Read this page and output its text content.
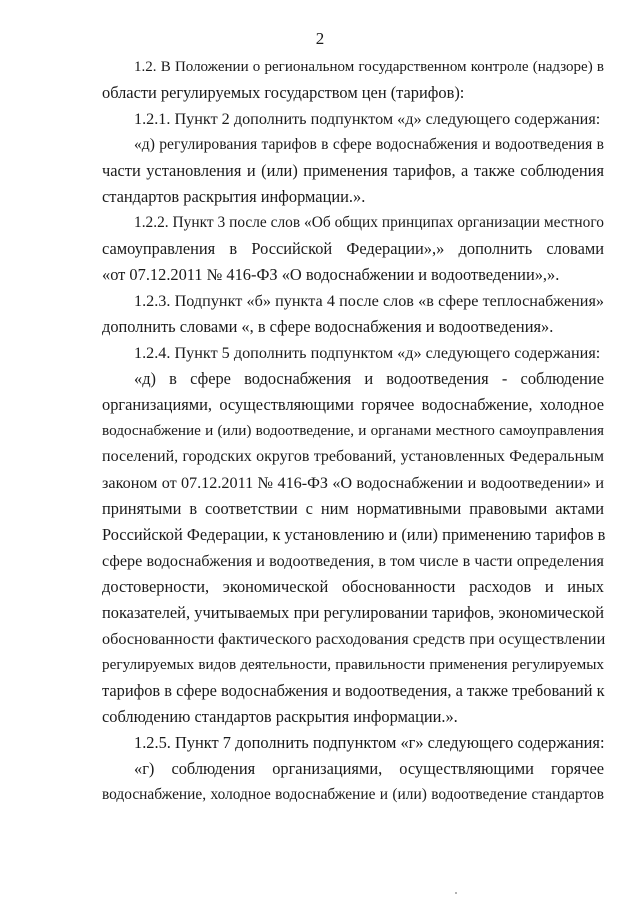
2
1.2. В Положении о региональном государственном контроле (надзоре) в
области регулируемых государством цен (тарифов):
1.2.1. Пункт 2 дополнить подпунктом «д» следующего содержания:
«д) регулирования тарифов в сфере водоснабжения и водоотведения в
части установления и (или) применения тарифов, а также соблюдения
стандартов раскрытия информации.».
1.2.2. Пункт 3 после слов «Об общих принципах организации местного
самоуправления в Российской Федерации»,» дополнить словами
«от 07.12.2011 № 416-ФЗ «О водоснабжении и водоотведении»,».
1.2.3. Подпункт «б» пункта 4 после слов «в сфере теплоснабжения»
дополнить словами «, в сфере водоснабжения и водоотведения».
1.2.4. Пункт 5 дополнить подпунктом «д» следующего содержания:
«д) в сфере водоснабжения и водоотведения - соблюдение
организациями, осуществляющими горячее водоснабжение, холодное
водоснабжение и (или) водоотведение, и органами местного самоуправления
поселений, городских округов требований, установленных Федеральным
законом от 07.12.2011 № 416-ФЗ «О водоснабжении и водоотведении» и
принятыми в соответствии с ним нормативными правовыми актами
Российской Федерации, к установлению и (или) применению тарифов в
сфере водоснабжения и водоотведения, в том числе в части определения
достоверности, экономической обоснованности расходов и иных
показателей, учитываемых при регулировании тарифов, экономической
обоснованности фактического расходования средств при осуществлении
регулируемых видов деятельности, правильности применения регулируемых
тарифов в сфере водоснабжения и водоотведения, а также требований к
соблюдению стандартов раскрытия информации.».
1.2.5. Пункт 7 дополнить подпунктом «г» следующего содержания:
«г) соблюдения организациями, осуществляющими горячее
водоснабжение, холодное водоснабжение и (или) водоотведение стандартов
